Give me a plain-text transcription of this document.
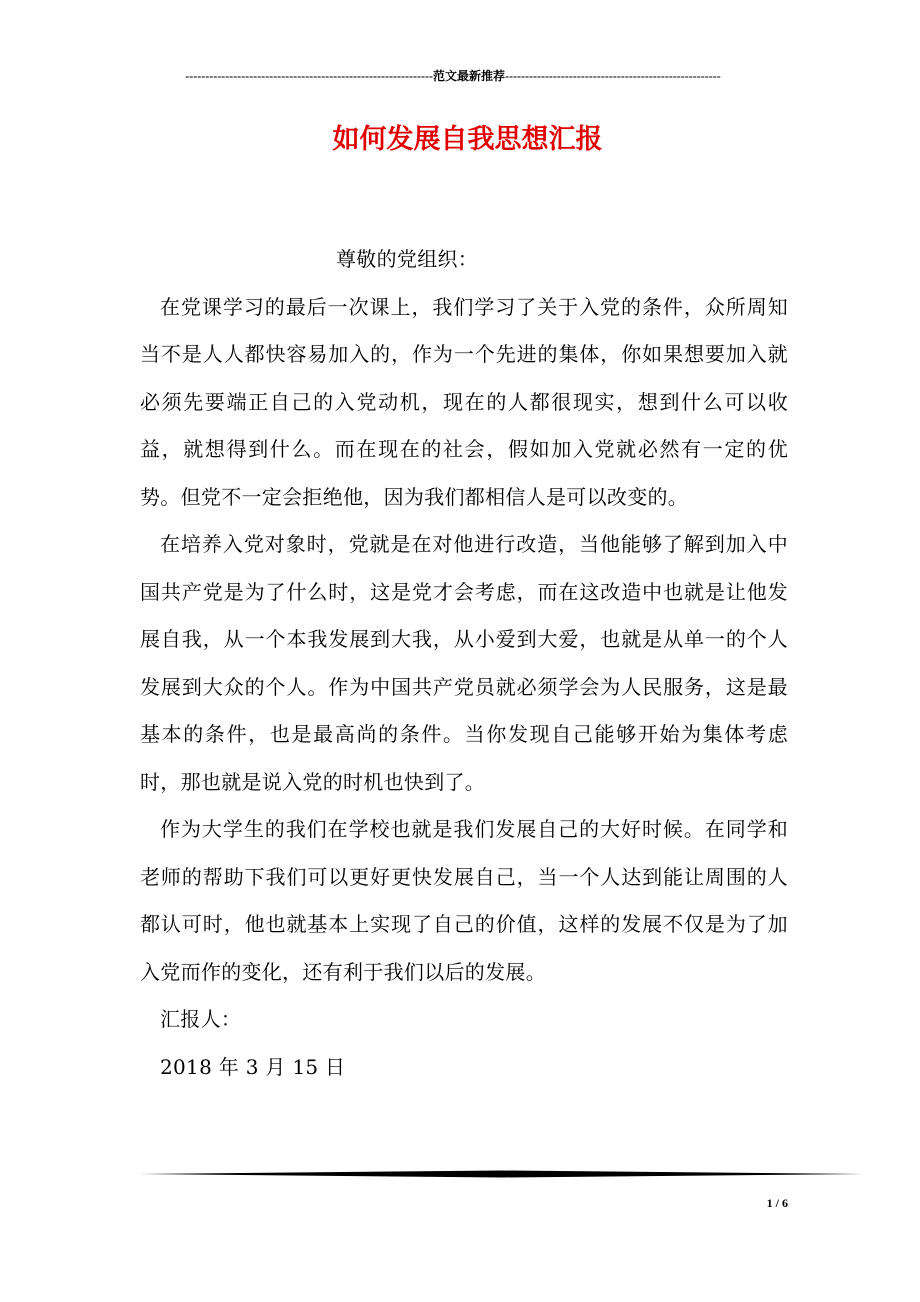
--------------------------------------------------------------范文最新推荐------------------------------------------------------
如何发展自我思想汇报

尊敬的党组织：

在党课学习的最后一次课上，我们学习了关于入党的条件，众所周知当不是人人都快容易加入的，作为一个先进的集体，你如果想要加入就必须先要端正自己的入党动机，现在的人都很现实，想到什么可以收益，就想得到什么。而在现在的社会，假如加入党就必然有一定的优势。但党不一定会拒绝他，因为我们都相信人是可以改变的。

在培养入党对象时，党就是在对他进行改造，当他能够了解到加入中国共产党是为了什么时，这是党才会考虑，而在这改造中也就是让他发展自我，从一个本我发展到大我，从小爱到大爱，也就是从单一的个人发展到大众的个人。作为中国共产党员就必须学会为人民服务，这是最基本的条件，也是最高尚的条件。当你发现自己能够开始为集体考虑时，那也就是说入党的时机也快到了。

作为大学生的我们在学校也就是我们发展自己的大好时候。在同学和老师的帮助下我们可以更好更快发展自己，当一个人达到能让周围的人都认可时，他也就基本上实现了自己的价值，这样的发展不仅是为了加入党而作的变化，还有利于我们以后的发展。

汇报人：

2018 年 3 月 15 日

1 / 6
